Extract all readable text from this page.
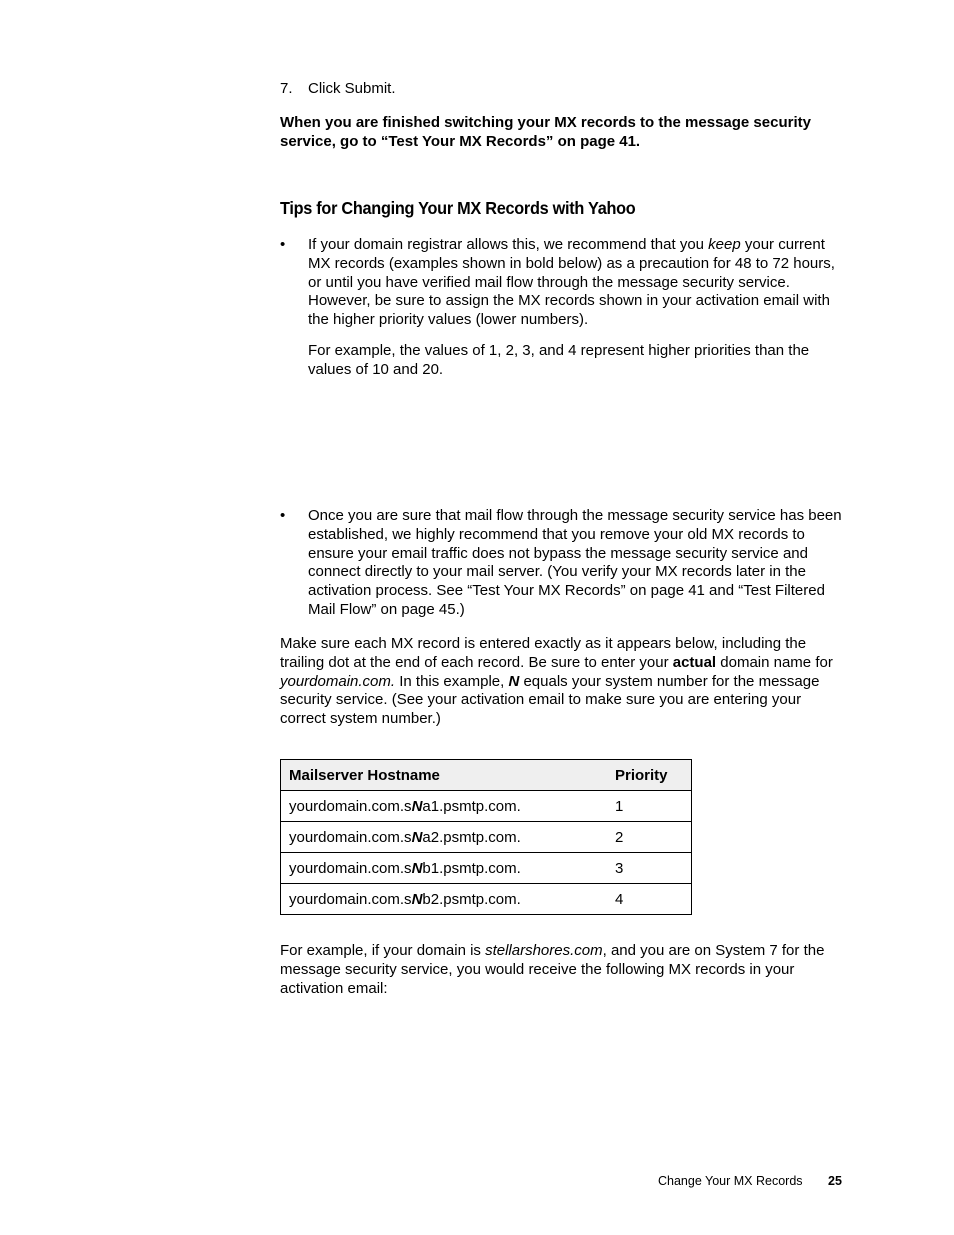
7. Click Submit.
When you are finished switching your MX records to the message security service, go to “Test Your MX Records” on page 41.
Tips for Changing Your MX Records with Yahoo
• If your domain registrar allows this, we recommend that you keep your current MX records (examples shown in bold below) as a precaution for 48 to 72 hours, or until you have verified mail flow through the message security service. However, be sure to assign the MX records shown in your activation email with the higher priority values (lower numbers).
For example, the values of 1, 2, 3, and 4 represent higher priorities than the values of 10 and 20.
• Once you are sure that mail flow through the message security service has been established, we highly recommend that you remove your old MX records to ensure your email traffic does not bypass the message security service and connect directly to your mail server. (You verify your MX records later in the activation process. See “Test Your MX Records” on page 41 and “Test Filtered Mail Flow” on page 45.)
Make sure each MX record is entered exactly as it appears below, including the trailing dot at the end of each record. Be sure to enter your actual domain name for yourdomain.com. In this example, N equals your system number for the message security service. (See your activation email to make sure you are entering your correct system number.)
Mailserver Hostname	Priority
yourdomain.com.sNa1.psmtp.com.	1
yourdomain.com.sNa2.psmtp.com.	2
yourdomain.com.sNb1.psmtp.com.	3
yourdomain.com.sNb2.psmtp.com.	4
For example, if your domain is stellarshores.com, and you are on System 7 for the message security service, you would receive the following MX records in your activation email:
Change Your MX Records 25
